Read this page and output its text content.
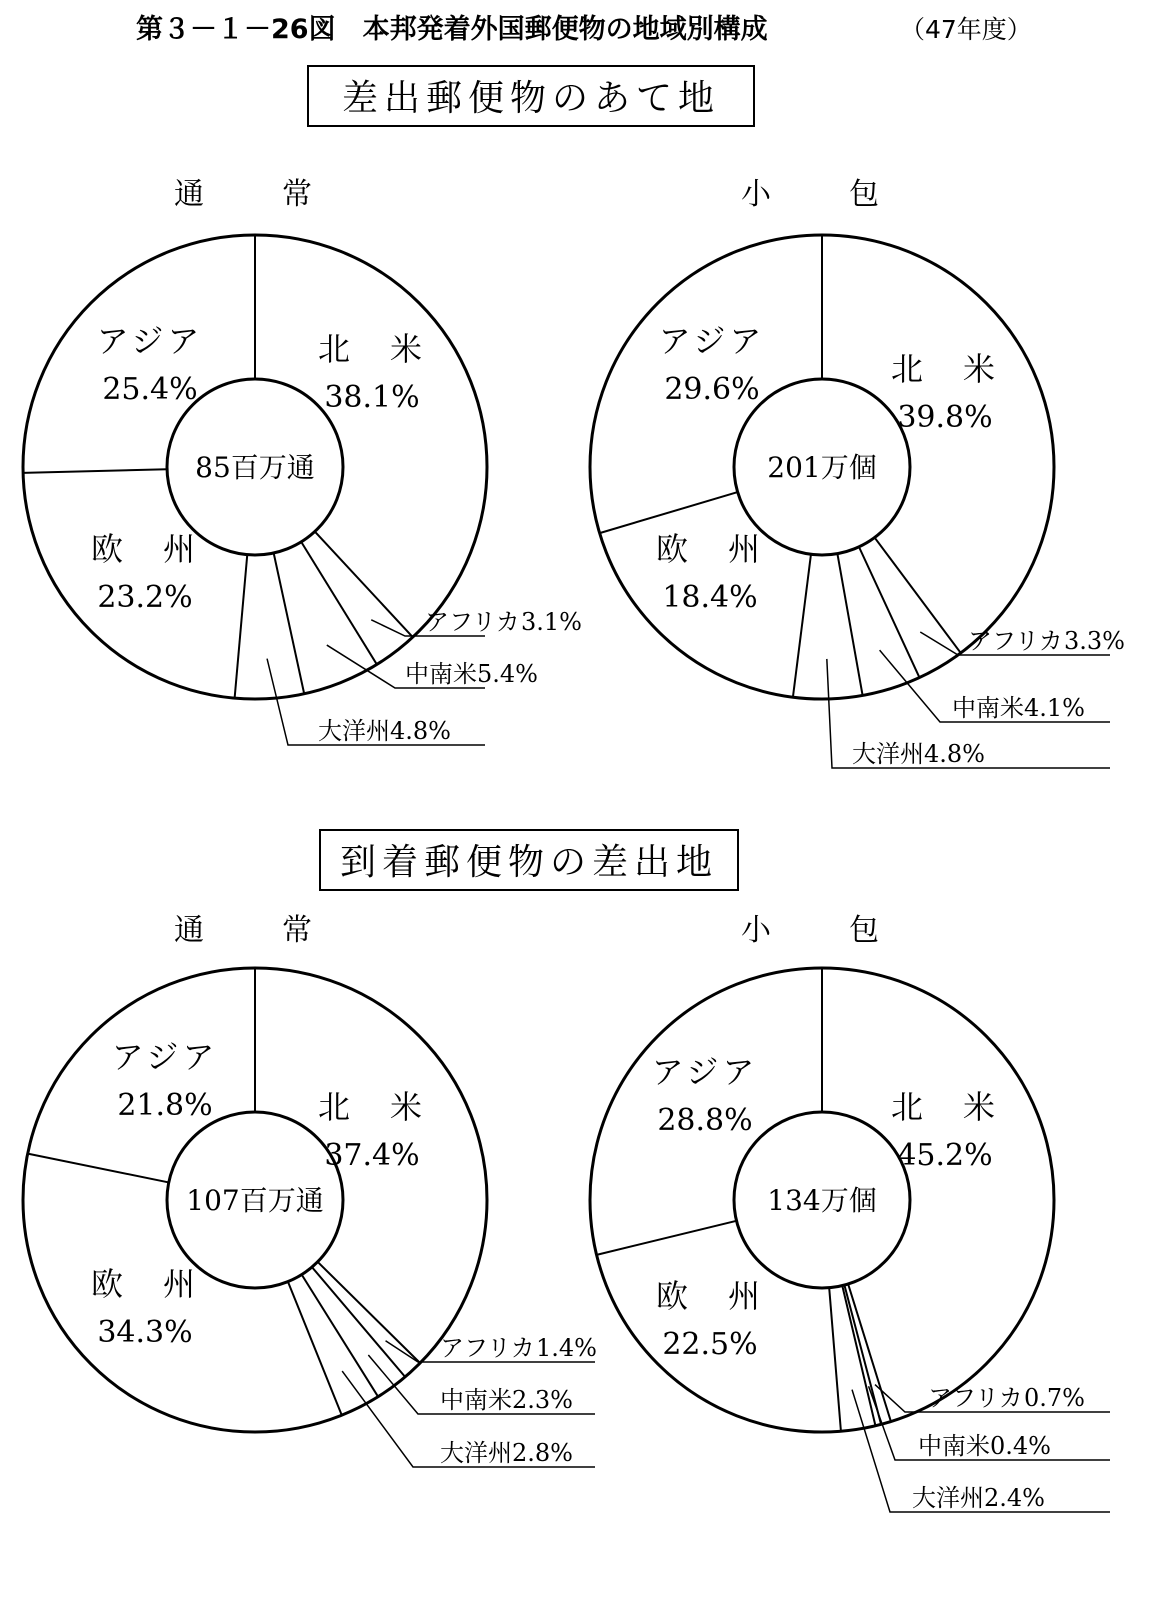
第３－１－26図　本邦発着外国郵便物の地域別構成	（47年度）
差出郵便物のあて地
到着郵便物の差出地
通　常
85百万通
北　米
38.1%
欧　州
23.2%
アジア
25.4%
アフリカ 3.1%
中南米 5.4%
大洋州 4.8%
小　包
201万個
北　米
39.8%
欧　州
18.4%
アジア
29.6%
アフリカ 3.3%
中南米 4.1%
大洋州 4.8%
通　常
107百万通
北　米
37.4%
欧　州
34.3%
アジア
21.8%
アフリカ 1.4%
中南米 2.3%
大洋州 2.8%
小　包
134万個
北　米
45.2%
欧　州
22.5%
アジア
28.8%
アフリカ 0.7%
中南米 0.4%
大洋州 2.4%
